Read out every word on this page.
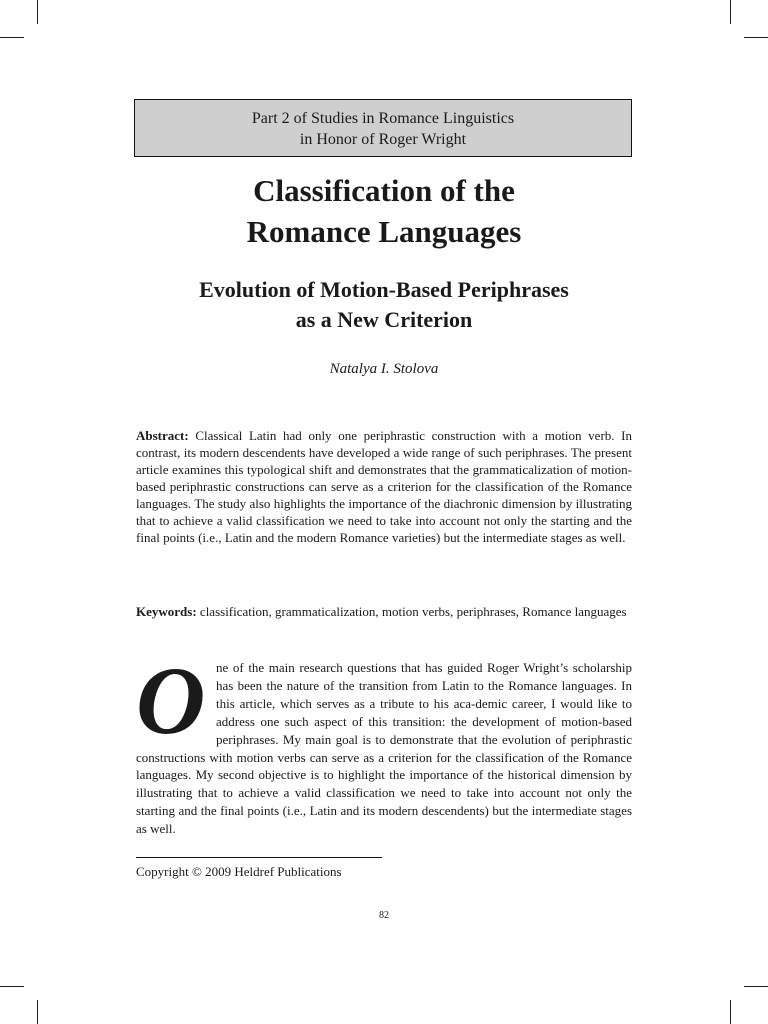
Part 2 of Studies in Romance Linguistics
in Honor of Roger Wright
Classification of the
Romance Languages
Evolution of Motion-Based Periphrases
as a New Criterion
Natalya I. Stolova
Abstract: Classical Latin had only one periphrastic construction with a motion verb. In contrast, its modern descendents have developed a wide range of such periphrases. The present article examines this typological shift and demonstrates that the grammaticalization of motion-based periphrastic constructions can serve as a criterion for the classification of the Romance languages. The study also highlights the importance of the diachronic dimension by illustrating that to achieve a valid classification we need to take into account not only the starting and the final points (i.e., Latin and the modern Romance varieties) but the intermediate stages as well.
Keywords: classification, grammaticalization, motion verbs, periphrases, Romance languages
O ne of the main research questions that has guided Roger Wright’s scholarship has been the nature of the transition from Latin to the Romance languages. In this article, which serves as a tribute to his aca-demic career, I would like to address one such aspect of this transition: the development of motion-based periphrases. My main goal is to demonstrate that the evolution of periphrastic constructions with motion verbs can serve as a criterion for the classification of the Romance languages. My second objective is to highlight the importance of the historical dimension by illustrating that to achieve a valid classification we need to take into account not only the starting and the final points (i.e., Latin and its modern descendents) but the intermediate stages as well.
Copyright © 2009 Heldref Publications
82
